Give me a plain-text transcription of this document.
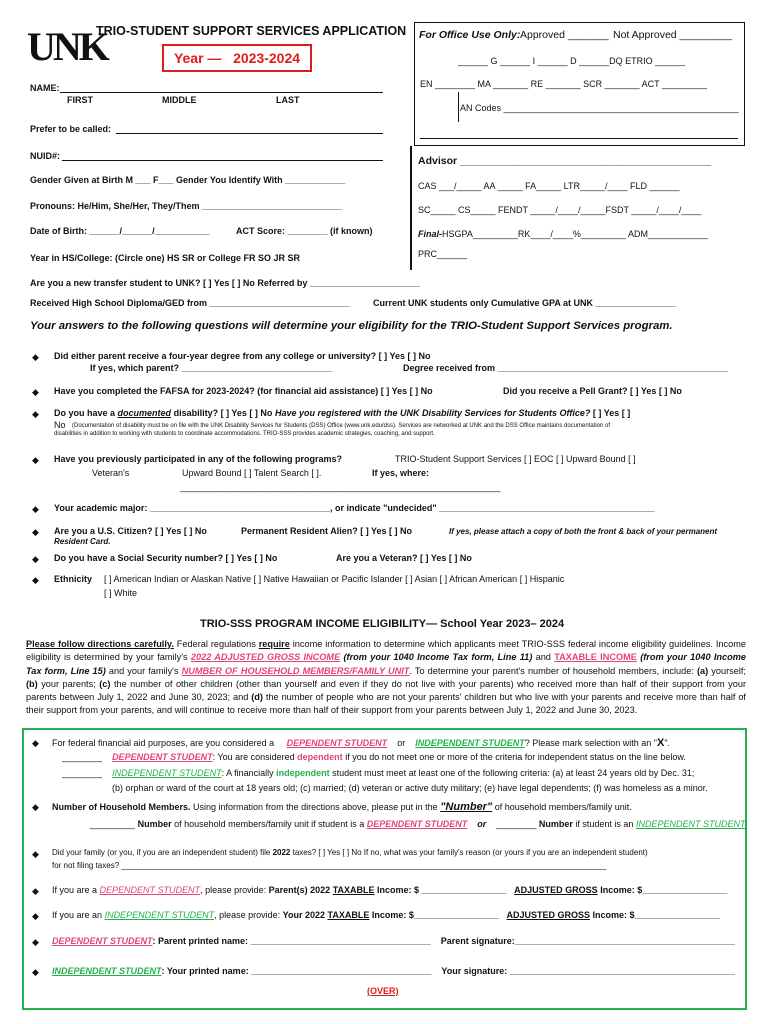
UNK
TRIO-STUDENT SUPPORT SERVICES APPLICATION
Year —
2023-2024
For Office Use Only: Approved _______ Not Approved _________
______ G ______ I ______ D ______DQ ETRIO ______
EN ________ MA _______ RE _______ SCR _______ ACT _________
AN Codes _______________________________________________
Advisor ___________________________________________
CAS ___/_____ AA _____ FA_____ LTR_____/____ FLD ______
SC_____ CS_____ FENDT _____/____/_____FSDT _____/____/____
Final-HSGPA_________RK____/____%_________ ADM____________
PRC______
NAME:
FIRST	MIDDLE	LAST
Prefer to be called:
NUID#:
Gender Given at Birth M ___ F___ Gender You Identify With ____________
Pronouns: He/Him, She/Her, They/Them ____________________________
Date of Birth: ______/______/___________	ACT Score: ________ (if known)
Year in HS/College: (Circle one) HS SR or College FR SO JR SR
Are you a new transfer student to UNK? [ ] Yes [ ] No Referred by ______________________
Received High School Diploma/GED from ____________________________	Current UNK students only Cumulative GPA at UNK ________________
Your answers to the following questions will determine your eligibility for the TRIO-Student Support Services program.
◆ Did either parent receive a four-year degree from any college or university? [ ] Yes [ ] No
If yes, which parent? ______________________________	Degree received from ______________________________________________
◆ Have you completed the FAFSA for 2023-2024? (for financial aid assistance) [ ] Yes [ ] No	Did you receive a Pell Grant? [ ] Yes [ ] No
◆ Do you have a documented disability? [ ] Yes [ ] No Have you registered with the UNK Disability Services for Students Office? [ ] Yes [ ]
No (Documentation of disability must be on file with the UNK Disability Services for Students (DSS) Office (www.unk.edu/dss). Services are networked at UNK and the DSS Office maintains documentation of
disabilities in addition to working with students to coordinate accommodations. TRIO-SSS provides academic strategies, coaching, and support.
◆ Have you previously participated in any of the following programs?	TRIO-Student Support Services [ ] EOC [ ] Upward Bound [ ]
Veteran's	Upward Bound [ ] Talent Search [ ].	If yes, where:
________________________________________________________________
◆ Your academic major: ____________________________________, or indicate "undecided" ___________________________________________
◆ Are you a U.S. Citizen? [ ] Yes [ ] No	Permanent Resident Alien? [ ] Yes [ ] No	If yes, please attach a copy of both the front & back of your permanent
Resident Card.
◆ Do you have a Social Security number? [ ] Yes [ ] No	Are you a Veteran? [ ] Yes [ ] No
◆ Ethnicity [ ] American Indian or Alaskan Native [ ] Native Hawaiian or Pacific Islander [ ] Asian [ ] African American [ ] Hispanic
[ ] White
TRIO-SSS PROGRAM INCOME ELIGIBILITY— School Year 2023– 2024

Please follow directions carefully. Federal regulations require income information to determine which applicants meet TRIO-SSS federal income eligibility guidelines. Income eligibility is determined by your family's 2022 ADJUSTED GROSS INCOME (from your 1040 Income Tax form, Line 11) and TAXABLE INCOME (from your 1040 Income Tax form, Line 15) and your family's NUMBER OF HOUSEHOLD MEMBERS/FAMILY UNIT. To determine your parent's number of household members, include: (a) yourself; (b) your parents; (c) the number of other children (other than yourself and even if they do not live with your parents) who received more than half of their support from your parents between July 1, 2022 and June 30, 2023; and (d) the number of people who are not your parents' children but who live with your parents and receive more than half of their support from your parents, and will continue to receive more than half of their support from your parents between July 1, 2022 and June 30, 2023.

◆ For federal financial aid purposes, are you considered a DEPENDENT STUDENT or INDEPENDENT STUDENT? Please mark selection with an "X".
________ DEPENDENT STUDENT: You are considered dependent if you do not meet one or more of the criteria for independent status on the line below.
________ INDEPENDENT STUDENT: A financially independent student must meet at least one of the following criteria: (a) at least 24 years old by Dec. 31;
(b) orphan or ward of the court at 18 years old; (c) married; (d) veteran or active duty military; (e) have legal dependents; (f) was homeless as a minor.
◆ Number of Household Members. Using information from the directions above, please put in the "Number" of household members/family unit.
_________ Number of household members/family unit if student is a DEPENDENT STUDENT or ________ Number if student is an INDEPENDENT STUDENT
◆ Did your family (or you, if you are an independent student) file 2022 taxes? [ ] Yes [ ] No If no, what was your family's reason (or yours if you are an independent student)
for not filing taxes? _____________________________________________________________________________________________________________
◆ If you are a DEPENDENT STUDENT, please provide: Parent(s) 2022 TAXABLE Income: $ _________________ ADJUSTED GROSS Income: $_________________
◆ If you are an INDEPENDENT STUDENT, please provide: Your 2022 TAXABLE Income: $_________________ ADJUSTED GROSS Income: $_________________
◆ DEPENDENT STUDENT: Parent printed name: ____________________________________ Parent signature:____________________________________________
◆ INDEPENDENT STUDENT: Your printed name: ____________________________________ Your signature: _____________________________________________
(OVER)
